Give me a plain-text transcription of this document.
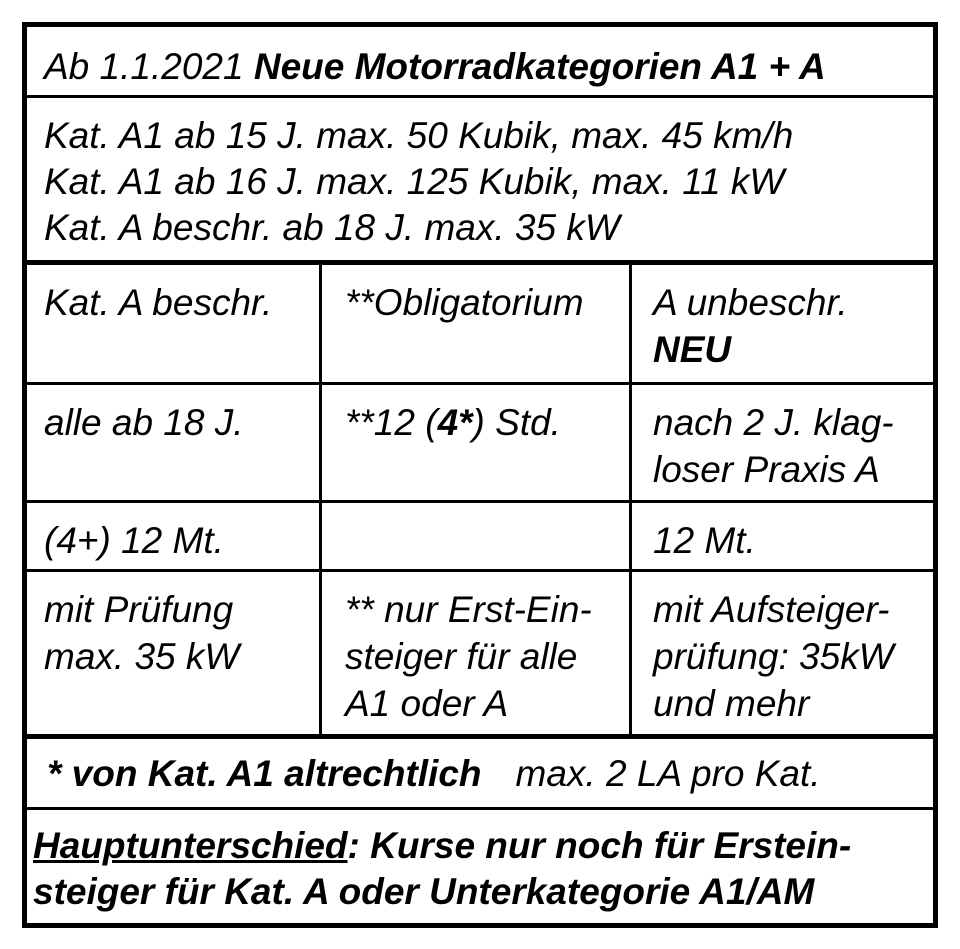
Ab 1.1.2021 Neue Motorradkategorien A1 + A
Kat. A1 ab 15 J. max. 50 Kubik, max. 45 km/h
Kat. A1 ab 16 J. max. 125 Kubik, max. 11 kW
Kat. A beschr. ab 18 J. max. 35 kW
Kat. A beschr. **Obligatorium A unbeschr.
NEU
alle ab 18 J.	**12 (4*) Std. nach 2 J. klag-
loser Praxis A
(4+) 12 Mt.	12 Mt.
mit Prüfung
max. 35 kW
** nur Erst-Ein-
steiger für alle
A1 oder A
mit Aufsteiger-
prüfung: 35kW
und mehr
* von Kat. A1 altrechtlich max. 2 LA pro Kat.
Hauptunterschied: Kurse nur noch für Erstein-
steiger für Kat. A oder Unterkategorie A1/AM
